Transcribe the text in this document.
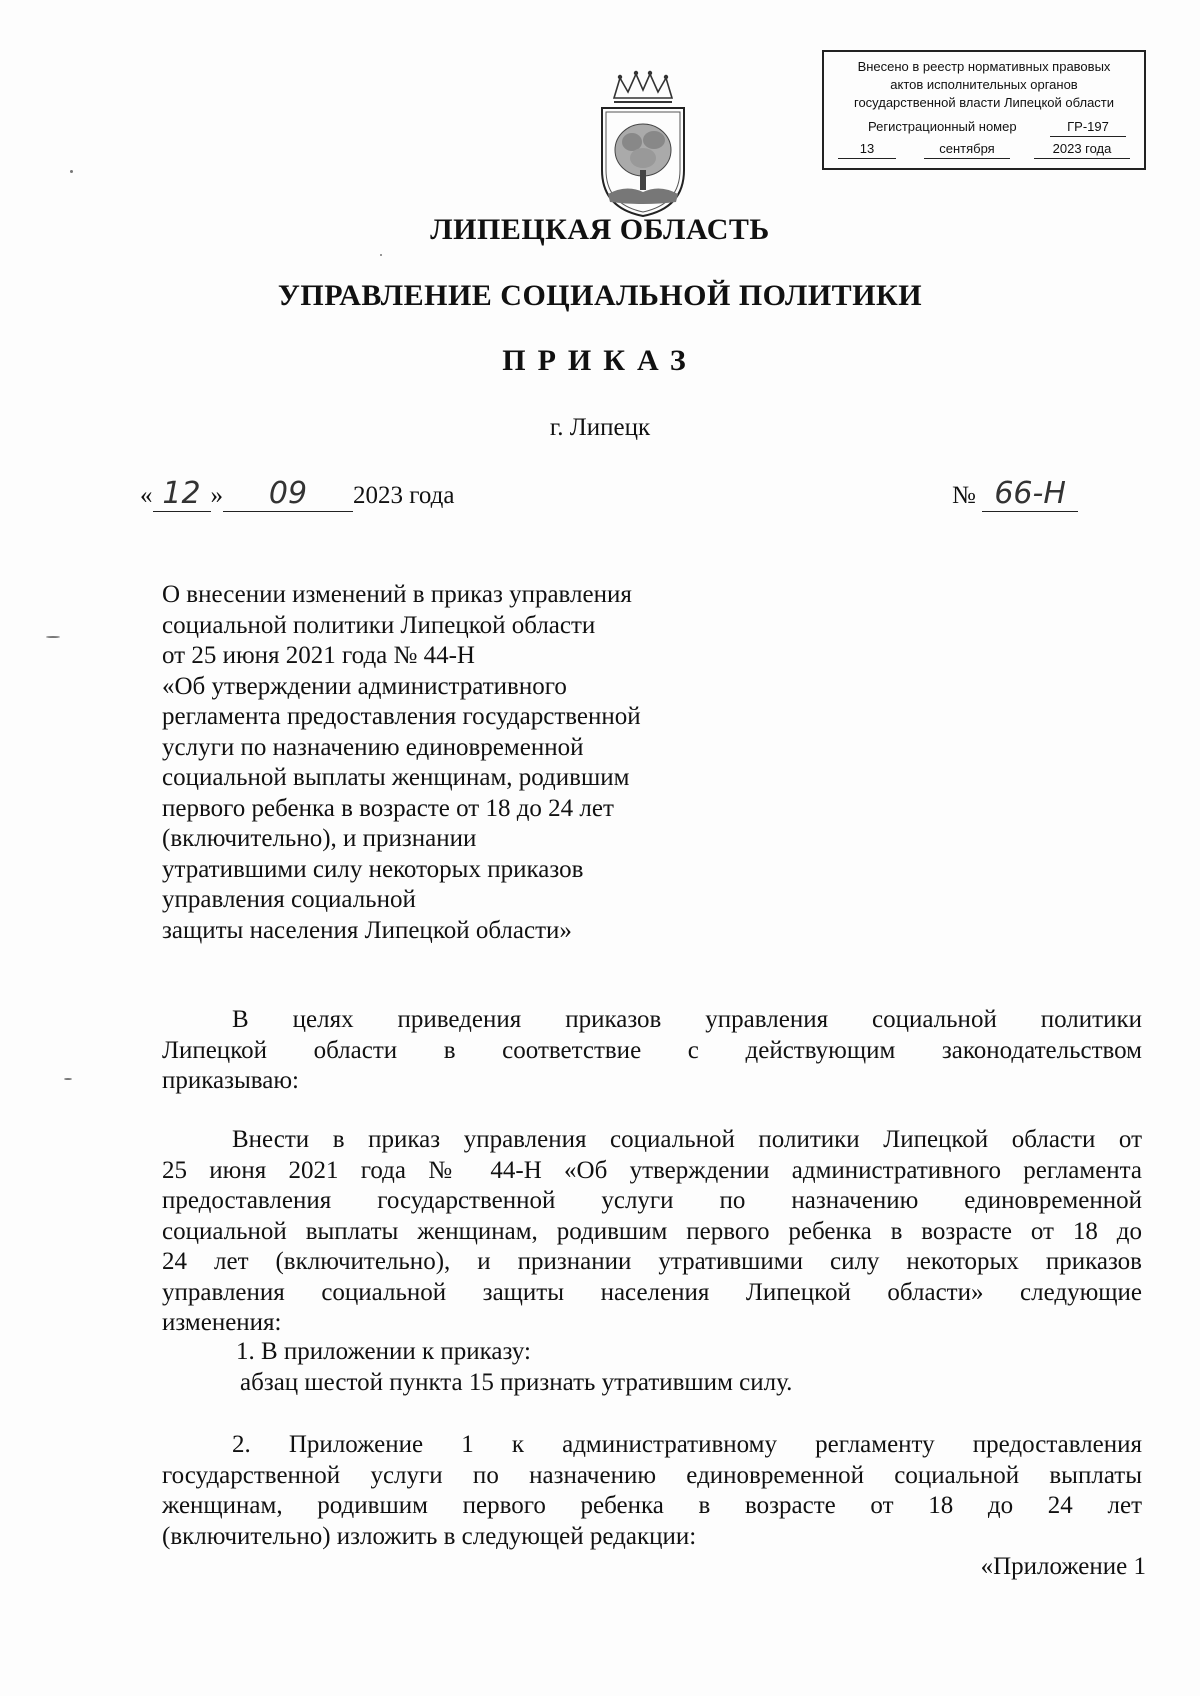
Внесено в реестр нормативных правовых
актов исполнительных органов
государственной власти Липецкой области
Регистрационный номер	ГР-197
13	сентября	2023 года
ЛИПЕЦКАЯ ОБЛАСТЬ
УПРАВЛЕНИЕ СОЦИАЛЬНОЙ ПОЛИТИКИ
ПРИКАЗ
г. Липецк
« 12 » 09 2023 года	№ 66-Н
О внесении изменений в приказ управления
социальной политики Липецкой области
от 25 июня 2021 года № 44-Н
«Об утверждении административного
регламента предоставления государственной
услуги по назначению единовременной
социальной выплаты женщинам, родившим
первого ребенка в возрасте от 18 до 24 лет
(включительно), и признании
утратившими силу некоторых приказов
управления социальной
защиты населения Липецкой области»
В целях приведения приказов управления социальной политики
Липецкой области в соответствие с действующим законодательством
приказываю:
Внести в приказ управления социальной политики Липецкой области от
25 июня 2021 года № 44-Н «Об утверждении административного регламента
предоставления государственной услуги по назначению единовременной
социальной выплаты женщинам, родившим первого ребенка в возрасте от 18 до
24 лет (включительно), и признании утратившими силу некоторых приказов
управления социальной защиты населения Липецкой области» следующие
изменения:
1. В приложении к приказу:
абзац шестой пункта 15 признать утратившим силу.
2. Приложение 1 к административному регламенту предоставления
государственной услуги по назначению единовременной социальной выплаты
женщинам, родившим первого ребенка в возрасте от 18 до 24 лет
(включительно) изложить в следующей редакции:
«Приложение 1
